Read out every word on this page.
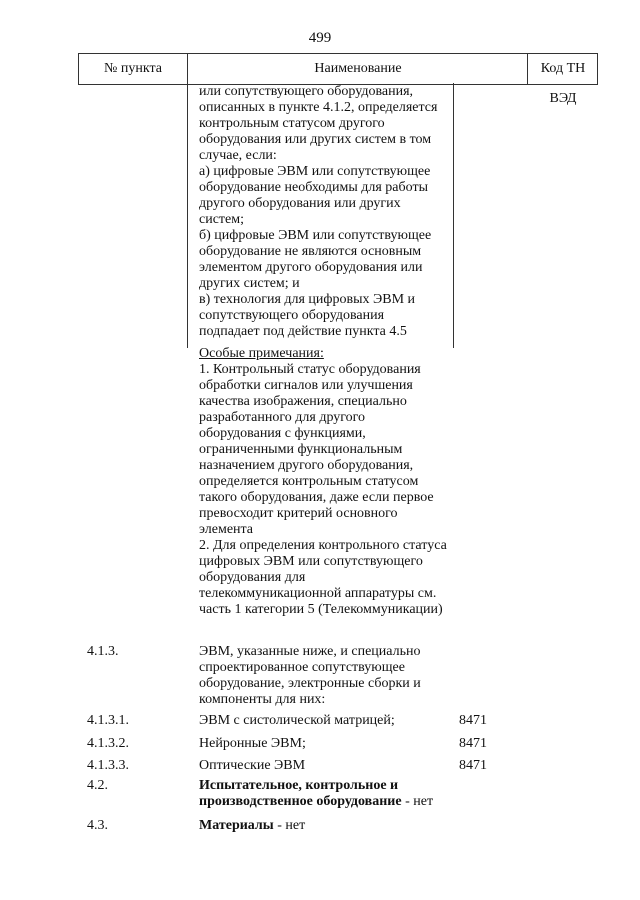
499
№ пункта	Наименование	Код ТН ВЭД
или сопутствующего оборудования,
описанных в пункте 4.1.2, определяется
контрольным статусом другого
оборудования или других систем в том
случае, если:
а) цифровые ЭВМ или сопутствующее
оборудование необходимы для работы
другого оборудования или других
систем;
б) цифровые ЭВМ или сопутствующее
оборудование не являются основным
элементом другого оборудования или
других систем; и
в) технология для цифровых ЭВМ и
сопутствующего оборудования
подпадает под действие пункта 4.5
Особые примечания:
1. Контрольный статус оборудования
обработки сигналов или улучшения
качества изображения, специально
разработанного для другого
оборудования с функциями,
ограниченными функциональным
назначением другого оборудования,
определяется контрольным статусом
такого оборудования, даже если первое
превосходит критерий основного
элемента
2. Для определения контрольного статуса
цифровых ЭВМ или сопутствующего
оборудования для
телекоммуникационной аппаратуры см.
часть 1 категории 5 (Телекоммуникации)
4.1.3.	ЭВМ, указанные ниже, и специально
спроектированное сопутствующее
оборудование, электронные сборки и
компоненты для них:
4.1.3.1.	ЭВМ с систолической матрицей;	8471
4.1.3.2.	Нейронные ЭВМ;	8471
4.1.3.3.	Оптические ЭВМ	8471
4.2.	Испытательное, контрольное и
производственное оборудование - нет
4.3.	Материалы - нет
